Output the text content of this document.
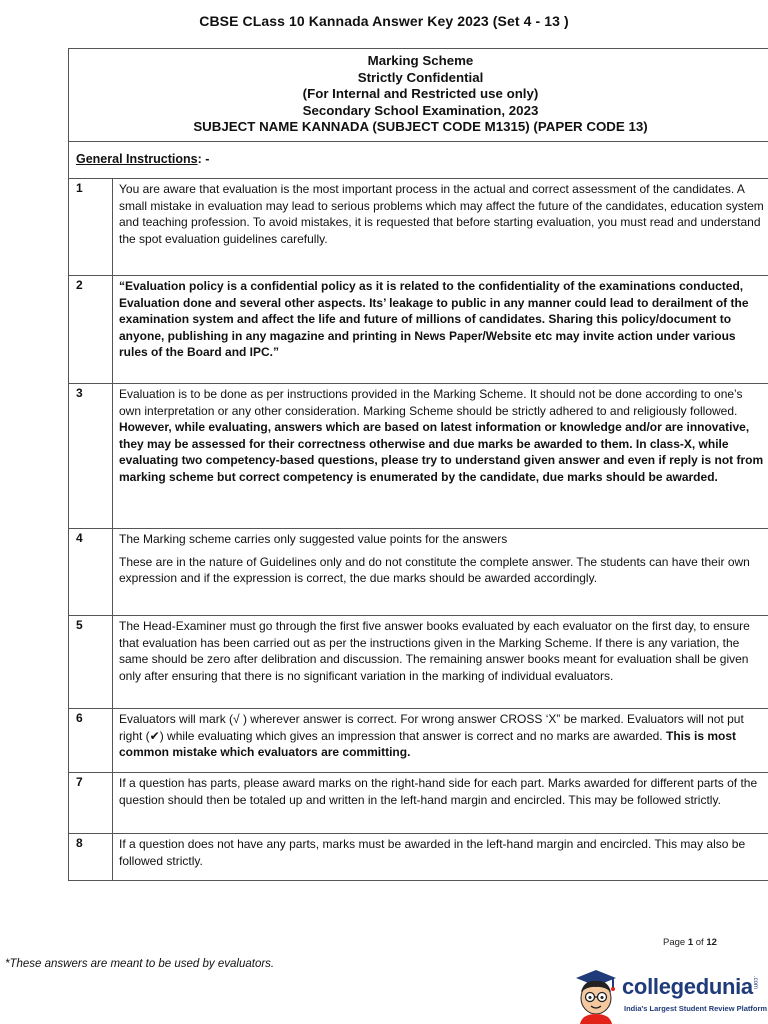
CBSE CLass 10 Kannada Answer Key 2023 (Set 4 - 13 )
Marking Scheme
Strictly Confidential
(For Internal and Restricted use only)
Secondary School Examination, 2023
SUBJECT NAME KANNADA (SUBJECT CODE M1315) (PAPER CODE 13)
General Instructions: -
1	You are aware that evaluation is the most important process in the actual and correct assessment of the candidates. A small mistake in evaluation may lead to serious problems which may affect the future of the candidates, education system and teaching profession. To avoid mistakes, it is requested that before starting evaluation, you must read and understand the spot evaluation guidelines carefully.

2	“Evaluation policy is a confidential policy as it is related to the confidentiality of the examinations conducted, Evaluation done and several other aspects. Its’ leakage to public in any manner could lead to derailment of the examination system and affect the life and future of millions of candidates. Sharing this policy/document to anyone, publishing in any magazine and printing in News Paper/Website etc may invite action under various rules of the Board and IPC.”

3	Evaluation is to be done as per instructions provided in the Marking Scheme. It should not be done according to one’s own interpretation or any other consideration. Marking Scheme should be strictly adhered to and religiously followed. However, while evaluating, answers which are based on latest information or knowledge and/or are innovative, they may be assessed for their correctness otherwise and due marks be awarded to them. In class-X, while evaluating two competency-based questions, please try to understand given answer and even if reply is not from marking scheme but correct competency is enumerated by the candidate, due marks should be awarded.

4	The Marking scheme carries only suggested value points for the answers

These are in the nature of Guidelines only and do not constitute the complete answer. The students can have their own expression and if the expression is correct, the due marks should be awarded accordingly.

5	The Head-Examiner must go through the first five answer books evaluated by each evaluator on the first day, to ensure that evaluation has been carried out as per the instructions given in the Marking Scheme. If there is any variation, the same should be zero after delibration and discussion. The remaining answer books meant for evaluation shall be given only after ensuring that there is no significant variation in the marking of individual evaluators.

6	Evaluators will mark (√ ) wherever answer is correct. For wrong answer CROSS ‘X” be marked. Evaluators will not put right (✔) while evaluating which gives an impression that answer is correct and no marks are awarded. This is most common mistake which evaluators are committing.

7	If a question has parts, please award marks on the right-hand side for each part. Marks awarded for different parts of the question should then be totaled up and written in the left-hand margin and encircled. This may be followed strictly.

8	If a question does not have any parts, marks must be awarded in the left-hand margin and encircled. This may also be followed strictly.

Page 1 of 12
*These answers are meant to be used by evaluators.
collegedunia .com
India's Largest Student Review Platform
